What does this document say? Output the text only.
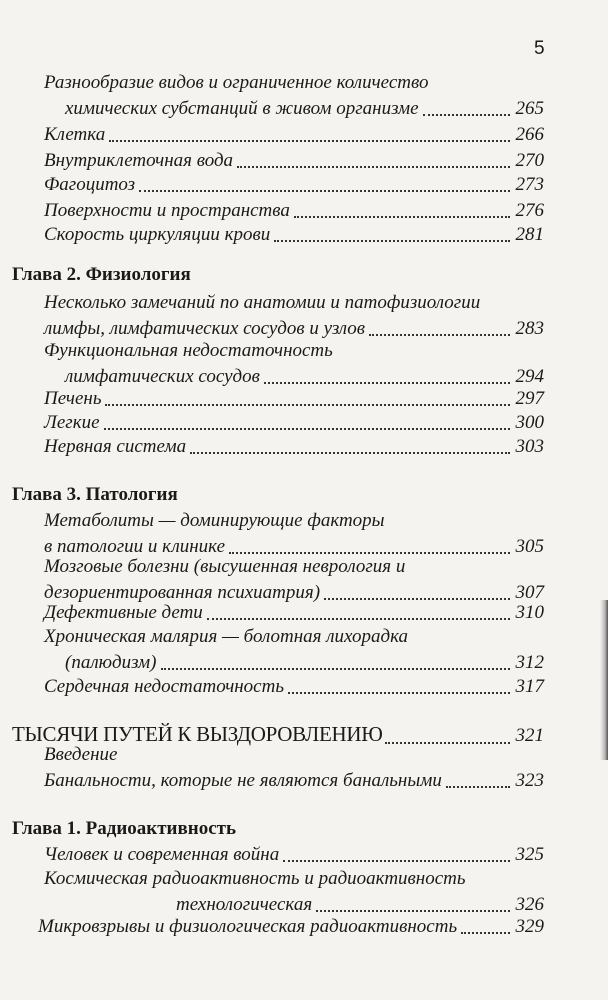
5
Разнообразие видов и ограниченное количество
химических субстанций в живом организме	265
Клетка	266
Внутриклеточная вода	270
Фагоцитоз	273
Поверхности и пространства	276
Скорость циркуляции крови	281
Глава 2. Физиология
Несколько замечаний по анатомии и патофизиологии
лимфы, лимфатических сосудов и узлов	283
Функциональная недостаточность
лимфатических сосудов	294
Печень	297
Легкие	300
Нервная система	303
Глава 3. Патология
Метаболиты — доминирующие факторы
в патологии и клинике	305
Мозговые болезни (высушенная неврология и
дезориентированная психиатрия)	307
Дефективные дети	310
Хроническая малярия — болотная лихорадка
(палюдизм)	312
Сердечная недостаточность	317
ТЫСЯЧИ ПУТЕЙ К ВЫЗДОРОВЛЕНИЮ	321
Введение
Банальности, которые не являются банальными	323
Глава 1. Радиоактивность
Человек и современная война	325
Космическая радиоактивность и радиоактивность
технологическая	326
Микровзрывы и физиологическая радиоактивность	329
